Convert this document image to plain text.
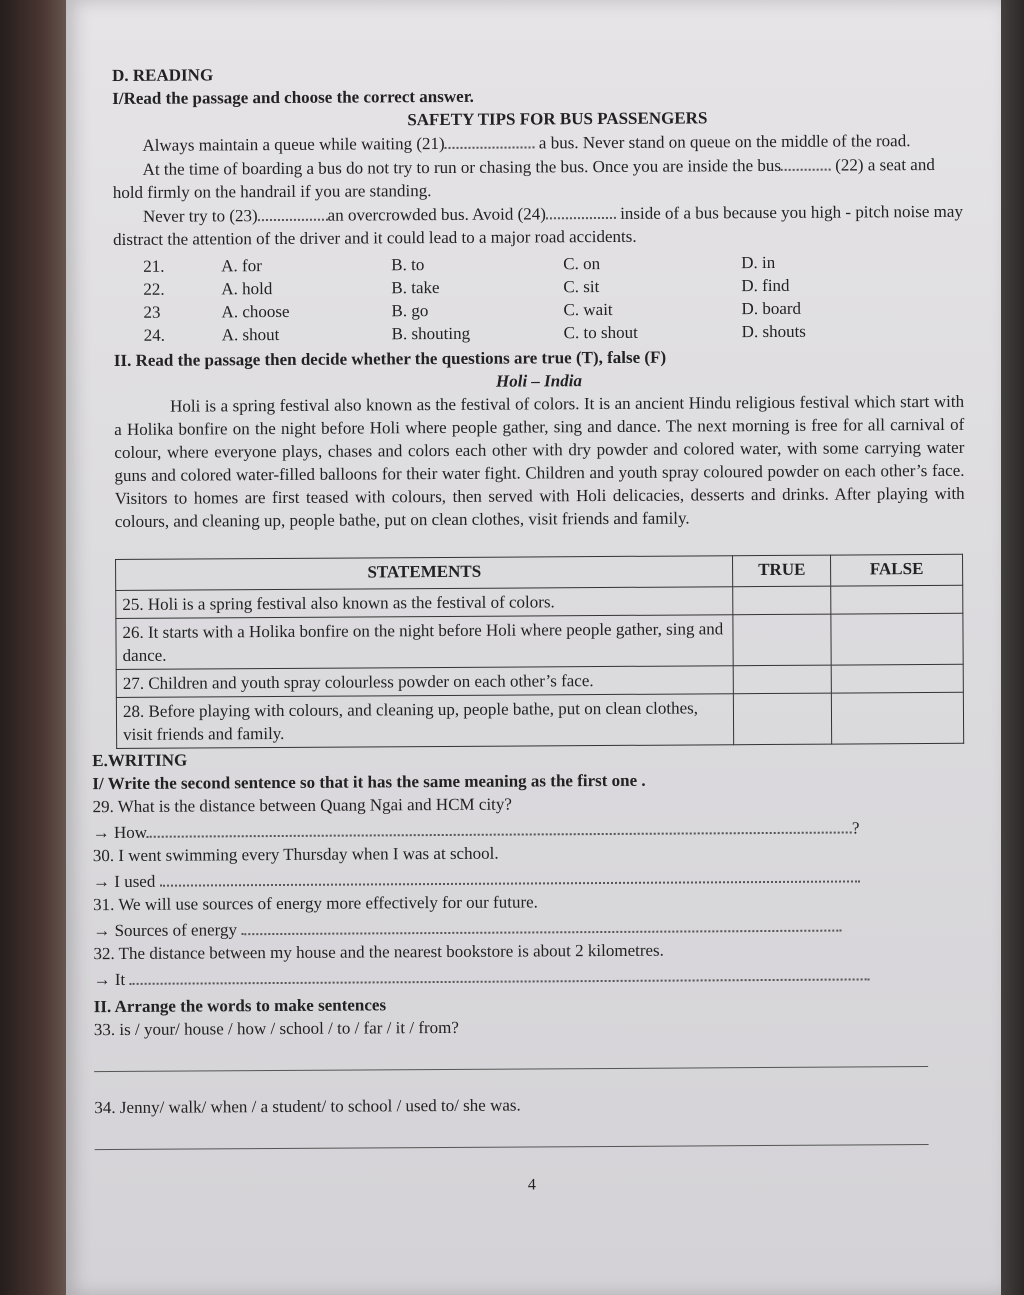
D. READING

I/Read the passage and choose the correct answer.

SAFETY TIPS FOR BUS PASSENGERS

Always maintain a queue while waiting (21)	a bus. Never stand on queue on the middle of the road.

At the time of boarding a bus do not try to run or chasing the bus. Once you are inside the bus	(22) a seat and hold firmly on the handrail if you are standing.

Never try to (23)	an overcrowded bus. Avoid (24)	inside of a bus because you high - pitch noise may distract the attention of the driver and it could lead to a major road accidents.

21.	A. for	B. to	C. on	D. in
22.	A. hold	B. take	C. sit	D. find
23	A. choose	B. go	C. wait	D. board
24.	A. shout	B. shouting	C. to shout	D. shouts

II. Read the passage then decide whether the questions are true (T), false (F)

Holi – India

Holi is a spring festival also known as the festival of colors. It is an ancient Hindu religious festival which start with a Holika bonfire on the night before Holi where people gather, sing and dance. The next morning is free for all carnival of colour, where everyone plays, chases and colors each other with dry powder and colored water, with some carrying water guns and colored water-filled balloons for their water fight. Children and youth spray coloured powder on each other’s face. Visitors to homes are first teased with colours, then served with Holi delicacies, desserts and drinks. After playing with colours, and cleaning up, people bathe, put on clean clothes, visit friends and family.

STATEMENTS	TRUE	FALSE
25. Holi is a spring festival also known as the festival of colors.		
26. It starts with a Holika bonfire on the night before Holi where people gather, sing and dance.		
27. Children and youth spray colourless powder on each other’s face.		
28. Before playing with colours, and cleaning up, people bathe, put on clean clothes, visit friends and family.		

E.WRITING

I/ Write the second sentence so that it has the same meaning as the first one .

29. What is the distance between Quang Ngai and HCM city?

→ How	?

30. I went swimming every Thursday when I was at school.

→ I used

31. We will use sources of energy more effectively for our future.

→ Sources of energy

32. The distance between my house and the nearest bookstore is about 2 kilometres.

→ It

II. Arrange the words to make sentences

33. is / your/ house / how / school / to / far / it / from?

34. Jenny/ walk/ when / a student/ to school / used to/ she was.

4
